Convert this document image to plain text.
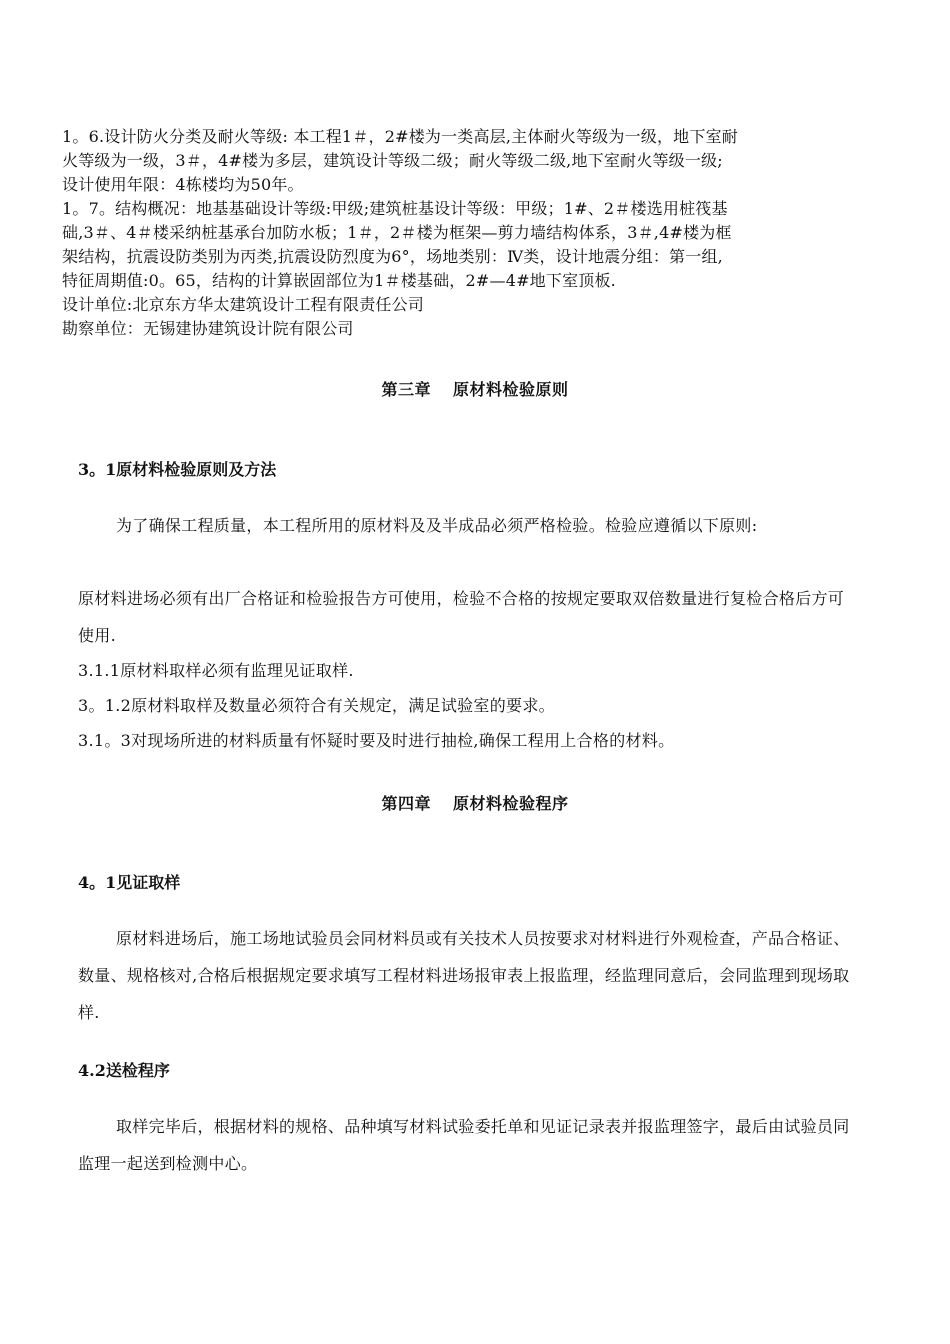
1。6.设计防火分类及耐火等级: 本工程1＃，2#楼为一类高层,主体耐火等级为一级，地下室耐

火等级为一级，3＃，4#楼为多层，建筑设计等级二级；耐火等级二级,地下室耐火等级一级;

设计使用年限：4栋楼均为50年。

1。7。结构概况：地基基础设计等级:甲级;建筑桩基设计等级：甲级；1#、2＃楼选用桩筏基

础,3＃、4＃楼采纳桩基承台加防水板；1＃，2＃楼为框架—剪力墙结构体系，3＃,4#楼为框

架结构，抗震设防类别为丙类,抗震设防烈度为6°，场地类别：Ⅳ类，设计地震分组：第一组,

特征周期值:0。65，结构的计算嵌固部位为1＃楼基础，2#—4#地下室顶板.

设计单位:北京东方华太建筑设计工程有限责任公司

勘察单位：无锡建协建筑设计院有限公司

第三章 原材料检验原则
3。1原材料检验原则及方法

为了确保工程质量，本工程所用的原材料及及半成品必须严格检验。检验应遵循以下原则:

原材料进场必须有出厂合格证和检验报告方可使用，检验不合格的按规定要取双倍数量进行复检合格后方可使用.

3.1.1原材料取样必须有监理见证取样.

3。1.2原材料取样及数量必须符合有关规定，满足试验室的要求。

3.1。3对现场所进的材料质量有怀疑时要及时进行抽检,确保工程用上合格的材料。

第四章 原材料检验程序
4。1见证取样

原材料进场后，施工场地试验员会同材料员或有关技术人员按要求对材料进行外观检查，产品合格证、数量、规格核对,合格后根据规定要求填写工程材料进场报审表上报监理，经监理同意后，会同监理到现场取样.

4.2送检程序

取样完毕后，根据材料的规格、品种填写材料试验委托单和见证记录表并报监理签字，最后由试验员同监理一起送到检测中心。
